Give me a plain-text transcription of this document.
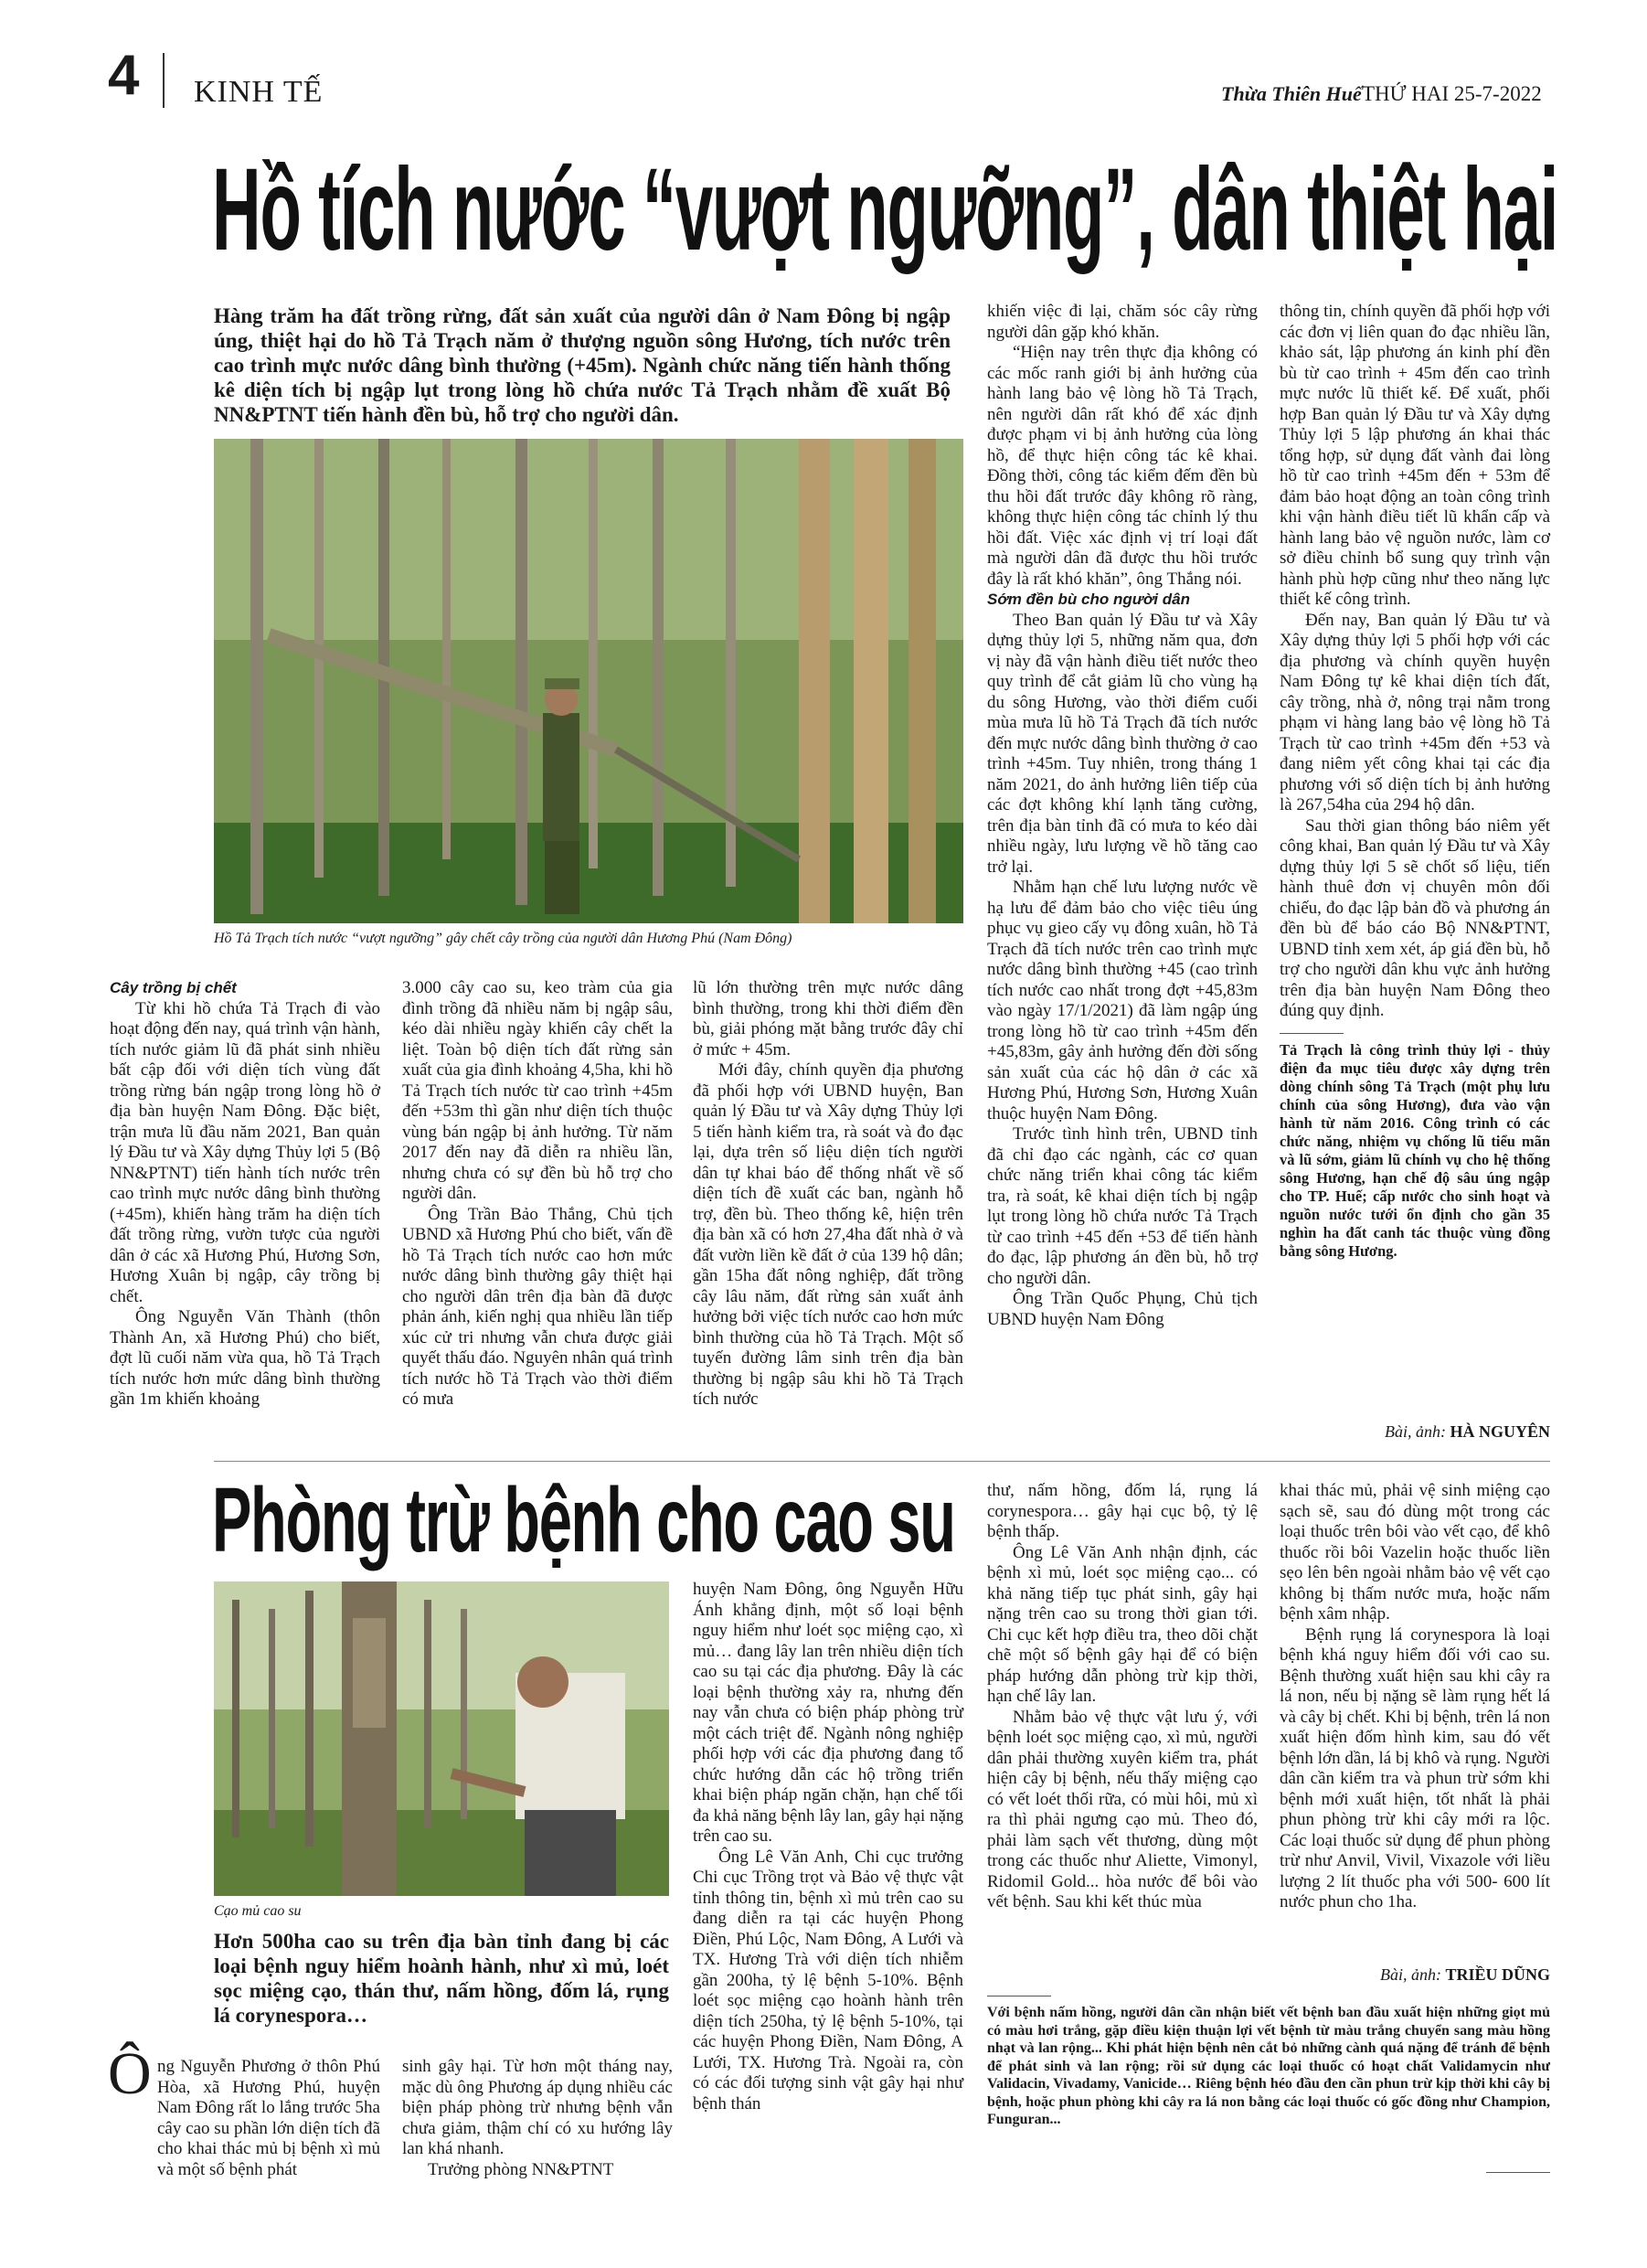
4 KINH TẾ	Thừa Thiên Huế THỨ HAI 25-7-2022
Hồ tích nước “vượt ngưỡng”, dân thiệt hại
Hàng trăm ha đất trồng rừng, đất sản xuất của người dân ở Nam Đông bị ngập úng, thiệt hại do hồ Tả Trạch năm ở thượng nguồn sông Hương, tích nước trên cao trình mực nước dâng bình thường (+45m). Ngành chức năng tiến hành thống kê diện tích bị ngập lụt trong lòng hồ chứa nước Tả Trạch nhằm đề xuất Bộ NN&PTNT tiến hành đền bù, hỗ trợ cho người dân.
Hồ Tả Trạch tích nước “vượt ngưỡng” gây chết cây trồng của người dân Hương Phú (Nam Đông)

Cây trồng bị chết

Từ khi hồ chứa Tả Trạch đi vào hoạt động đến nay, quá trình vận hành, tích nước giảm lũ đã phát sinh nhiều bất cập đối với diện tích vùng đất trồng rừng bán ngập trong lòng hồ ở địa bàn huyện Nam Đông. Đặc biệt, trận mưa lũ đầu năm 2021, Ban quản lý Đầu tư và Xây dựng Thủy lợi 5 (Bộ NN&PTNT) tiến hành tích nước trên cao trình mực nước dâng bình thường (+45m), khiến hàng trăm ha diện tích đất trồng rừng, vườn tược của người dân ở các xã Hương Phú, Hương Sơn, Hương Xuân bị ngập, cây trồng bị chết.

Ông Nguyễn Văn Thành (thôn Thành An, xã Hương Phú) cho biết, đợt lũ cuối năm vừa qua, hồ Tả Trạch tích nước hơn mức dâng bình thường gần 1m khiến khoảng

3.000 cây cao su, keo tràm của gia đình trồng đã nhiều năm bị ngập sâu, kéo dài nhiều ngày khiến cây chết la liệt. Toàn bộ diện tích đất rừng sản xuất của gia đình khoảng 4,5ha, khi hồ Tả Trạch tích nước từ cao trình +45m đến +53m thì gần như diện tích thuộc vùng bán ngập bị ảnh hưởng. Từ năm 2017 đến nay đã diễn ra nhiều lần, nhưng chưa có sự đền bù hỗ trợ cho người dân.

Ông Trần Bảo Thắng, Chủ tịch UBND xã Hương Phú cho biết, vấn đề hồ Tả Trạch tích nước cao hơn mức nước dâng bình thường gây thiệt hại cho người dân trên địa bàn đã được phản ánh, kiến nghị qua nhiều lần tiếp xúc cử tri nhưng vẫn chưa được giải quyết thấu đáo. Nguyên nhân quá trình tích nước hồ Tả Trạch vào thời điểm có mưa

lũ lớn thường trên mực nước dâng bình thường, trong khi thời điểm đền bù, giải phóng mặt bằng trước đây chỉ ở mức + 45m.

Mới đây, chính quyền địa phương đã phối hợp với UBND huyện, Ban quản lý Đầu tư và Xây dựng Thủy lợi 5 tiến hành kiểm tra, rà soát và đo đạc lại, dựa trên số liệu diện tích người dân tự khai báo để thống nhất về số diện tích đề xuất các ban, ngành hỗ trợ, đền bù. Theo thống kê, hiện trên địa bàn xã có hơn 27,4ha đất nhà ở và đất vườn liền kề đất ở của 139 hộ dân; gần 15ha đất nông nghiệp, đất trồng cây lâu năm, đất rừng sản xuất ảnh hưởng bởi việc tích nước cao hơn mức bình thường của hồ Tả Trạch. Một số tuyến đường lâm sinh trên địa bàn thường bị ngập sâu khi hồ Tả Trạch tích nước

khiến việc đi lại, chăm sóc cây rừng người dân gặp khó khăn.

“Hiện nay trên thực địa không có các mốc ranh giới bị ảnh hưởng của hành lang bảo vệ lòng hồ Tả Trạch, nên người dân rất khó để xác định được phạm vi bị ảnh hưởng của lòng hồ, để thực hiện công tác kê khai. Đồng thời, công tác kiểm đếm đền bù thu hồi đất trước đây không rõ ràng, không thực hiện công tác chỉnh lý thu hồi đất. Việc xác định vị trí loại đất mà người dân đã được thu hồi trước đây là rất khó khăn”, ông Thắng nói.

Sớm đền bù cho người dân

Theo Ban quản lý Đầu tư và Xây dựng thủy lợi 5, những năm qua, đơn vị này đã vận hành điều tiết nước theo quy trình để cắt giảm lũ cho vùng hạ du sông Hương, vào thời điểm cuối mùa mưa lũ hồ Tả Trạch đã tích nước đến mực nước dâng bình thường ở cao trình +45m. Tuy nhiên, trong tháng 1 năm 2021, do ảnh hưởng liên tiếp của các đợt không khí lạnh tăng cường, trên địa bàn tỉnh đã có mưa to kéo dài nhiều ngày, lưu lượng về hồ tăng cao trở lại.

Nhằm hạn chế lưu lượng nước về hạ lưu để đảm bảo cho việc tiêu úng phục vụ gieo cấy vụ đông xuân, hồ Tả Trạch đã tích nước trên cao trình mực nước dâng bình thường +45 (cao trình tích nước cao nhất trong đợt +45,83m vào ngày 17/1/2021) đã làm ngập úng trong lòng hồ từ cao trình +45m đến +45,83m, gây ảnh hưởng đến đời sống sản xuất của các hộ dân ở các xã Hương Phú, Hương Sơn, Hương Xuân thuộc huyện Nam Đông.

Trước tình hình trên, UBND tỉnh đã chỉ đạo các ngành, các cơ quan chức năng triển khai công tác kiểm tra, rà soát, kê khai diện tích bị ngập lụt trong lòng hồ chứa nước Tả Trạch từ cao trình +45 đến +53 để tiến hành đo đạc, lập phương án đền bù, hỗ trợ cho người dân.

Ông Trần Quốc Phụng, Chủ tịch UBND huyện Nam Đông

thông tin, chính quyền đã phối hợp với các đơn vị liên quan đo đạc nhiều lần, khảo sát, lập phương án kinh phí đền bù từ cao trình + 45m đến cao trình mực nước lũ thiết kế. Để xuất, phối hợp Ban quản lý Đầu tư và Xây dựng Thủy lợi 5 lập phương án khai thác tổng hợp, sử dụng đất vành đai lòng hồ từ cao trình +45m đến + 53m để đảm bảo hoạt động an toàn công trình khi vận hành điều tiết lũ khẩn cấp và hành lang bảo vệ nguồn nước, làm cơ sở điều chỉnh bổ sung quy trình vận hành phù hợp cũng như theo năng lực thiết kế công trình.

Đến nay, Ban quản lý Đầu tư và Xây dựng thủy lợi 5 phối hợp với các địa phương và chính quyền huyện Nam Đông tự kê khai diện tích đất, cây trồng, nhà ở, nông trại nằm trong phạm vi hàng lang bảo vệ lòng hồ Tả Trạch từ cao trình +45m đến +53 và đang niêm yết công khai tại các địa phương với số diện tích bị ảnh hưởng là 267,54ha của 294 hộ dân.

Sau thời gian thông báo niêm yết công khai, Ban quản lý Đầu tư và Xây dựng thủy lợi 5 sẽ chốt số liệu, tiến hành thuê đơn vị chuyên môn đối chiếu, đo đạc lập bản đồ và phương án đền bù để báo cáo Bộ NN&PTNT, UBND tỉnh xem xét, áp giá đền bù, hỗ trợ cho người dân khu vực ảnh hưởng trên địa bàn huyện Nam Đông theo đúng quy định.

Tả Trạch là công trình thủy lợi - thủy điện đa mục tiêu được xây dựng trên dòng chính sông Tả Trạch (một phụ lưu chính của sông Hương), đưa vào vận hành từ năm 2016. Công trình có các chức năng, nhiệm vụ chống lũ tiểu mãn và lũ sớm, giảm lũ chính vụ cho hệ thống sông Hương, hạn chế độ sâu úng ngập cho TP. Huế; cấp nước cho sinh hoạt và nguồn nước tưới ổn định cho gần 35 nghìn ha đất canh tác thuộc vùng đồng bằng sông Hương.
Bài, ảnh: HÀ NGUYÊN
Phòng trừ bệnh cho cao su
Cạo mủ cao su
Hơn 500ha cao su trên địa bàn tỉnh đang bị các loại bệnh nguy hiểm hoành hành, như xì mủ, loét sọc miệng cạo, thán thư, nấm hồng, đốm lá, rụng lá corynespora…
Ô ng Nguyễn Phương ở thôn Phú Hòa, xã Hương Phú, huyện Nam Đông rất lo lắng trước 5ha cây cao su phần lớn diện tích đã cho khai thác mủ bị bệnh xì mủ và một số bệnh phát

sinh gây hại. Từ hơn một tháng nay, mặc dù ông Phương áp dụng nhiều các biện pháp phòng trừ nhưng bệnh vẫn chưa giảm, thậm chí có xu hướng lây lan khá nhanh.

Trưởng phòng NN&PTNT

huyện Nam Đông, ông Nguyễn Hữu Ánh khẳng định, một số loại bệnh nguy hiểm như loét sọc miệng cạo, xì mủ… đang lây lan trên nhiều diện tích cao su tại các địa phương. Đây là các loại bệnh thường xảy ra, nhưng đến nay vẫn chưa có biện pháp phòng trừ một cách triệt để. Ngành nông nghiệp phối hợp với các địa phương đang tổ chức hướng dẫn các hộ trồng triển khai biện pháp ngăn chặn, hạn chế tối đa khả năng bệnh lây lan, gây hại nặng trên cao su.

Ông Lê Văn Anh, Chi cục trưởng Chi cục Trồng trọt và Bảo vệ thực vật tỉnh thông tin, bệnh xì mủ trên cao su đang diễn ra tại các huyện Phong Điền, Phú Lộc, Nam Đông, A Lưới và TX. Hương Trà với diện tích nhiễm gần 200ha, tỷ lệ bệnh 5-10%. Bệnh loét sọc miệng cạo hoành hành trên diện tích 250ha, tỷ lệ bệnh 5-10%, tại các huyện Phong Điền, Nam Đông, A Lưới, TX. Hương Trà. Ngoài ra, còn có các đối tượng sinh vật gây hại như bệnh thán

thư, nấm hồng, đốm lá, rụng lá corynespora… gây hại cục bộ, tỷ lệ bệnh thấp.

Ông Lê Văn Anh nhận định, các bệnh xì mủ, loét sọc miệng cạo... có khả năng tiếp tục phát sinh, gây hại nặng trên cao su trong thời gian tới. Chi cục kết hợp điều tra, theo dõi chặt chẽ một số bệnh gây hại để có biện pháp hướng dẫn phòng trừ kịp thời, hạn chế lây lan.

Nhằm bảo vệ thực vật lưu ý, với bệnh loét sọc miệng cạo, xì mủ, người dân phải thường xuyên kiểm tra, phát hiện cây bị bệnh, nếu thấy miệng cạo có vết loét thối rữa, có mùi hôi, mủ xì ra thì phải ngưng cạo mủ. Theo đó, phải làm sạch vết thương, dùng một trong các thuốc như Aliette, Vimonyl, Ridomil Gold... hòa nước để bôi vào vết bệnh. Sau khi kết thúc mùa

khai thác mủ, phải vệ sinh miệng cạo sạch sẽ, sau đó dùng một trong các loại thuốc trên bôi vào vết cạo, để khô thuốc rồi bôi Vazelin hoặc thuốc liền sẹo lên bên ngoài nhằm bảo vệ vết cạo không bị thấm nước mưa, hoặc nấm bệnh xâm nhập.

Bệnh rụng lá corynespora là loại bệnh khá nguy hiểm đối với cao su. Bệnh thường xuất hiện sau khi cây ra lá non, nếu bị nặng sẽ làm rụng hết lá và cây bị chết. Khi bị bệnh, trên lá non xuất hiện đốm hình kim, sau đó vết bệnh lớn dần, lá bị khô và rụng. Người dân cần kiểm tra và phun trừ sớm khi bệnh mới xuất hiện, tốt nhất là phải phun phòng trừ khi cây mới ra lộc. Các loại thuốc sử dụng để phun phòng trừ như Anvil, Vivil, Vixazole với liều lượng 2 lít thuốc pha với 500- 600 lít nước phun cho 1ha.

Bài, ảnh: TRIỀU DŨNG
Với bệnh nấm hồng, người dân cần nhận biết vết bệnh ban đầu xuất hiện những giọt mủ có màu hơi trắng, gặp điều kiện thuận lợi vết bệnh từ màu trắng chuyển sang màu hồng nhạt và lan rộng... Khi phát hiện bệnh nên cắt bỏ những cành quá nặng để tránh để bệnh để phát sinh và lan rộng; rồi sử dụng các loại thuốc có hoạt chất Validamycin như Validacin, Vivadamy, Vanicide… Riêng bệnh héo đầu đen cần phun trừ kịp thời khi cây bị bệnh, hoặc phun phòng khi cây ra lá non bằng các loại thuốc có gốc đồng như Champion, Funguran...
